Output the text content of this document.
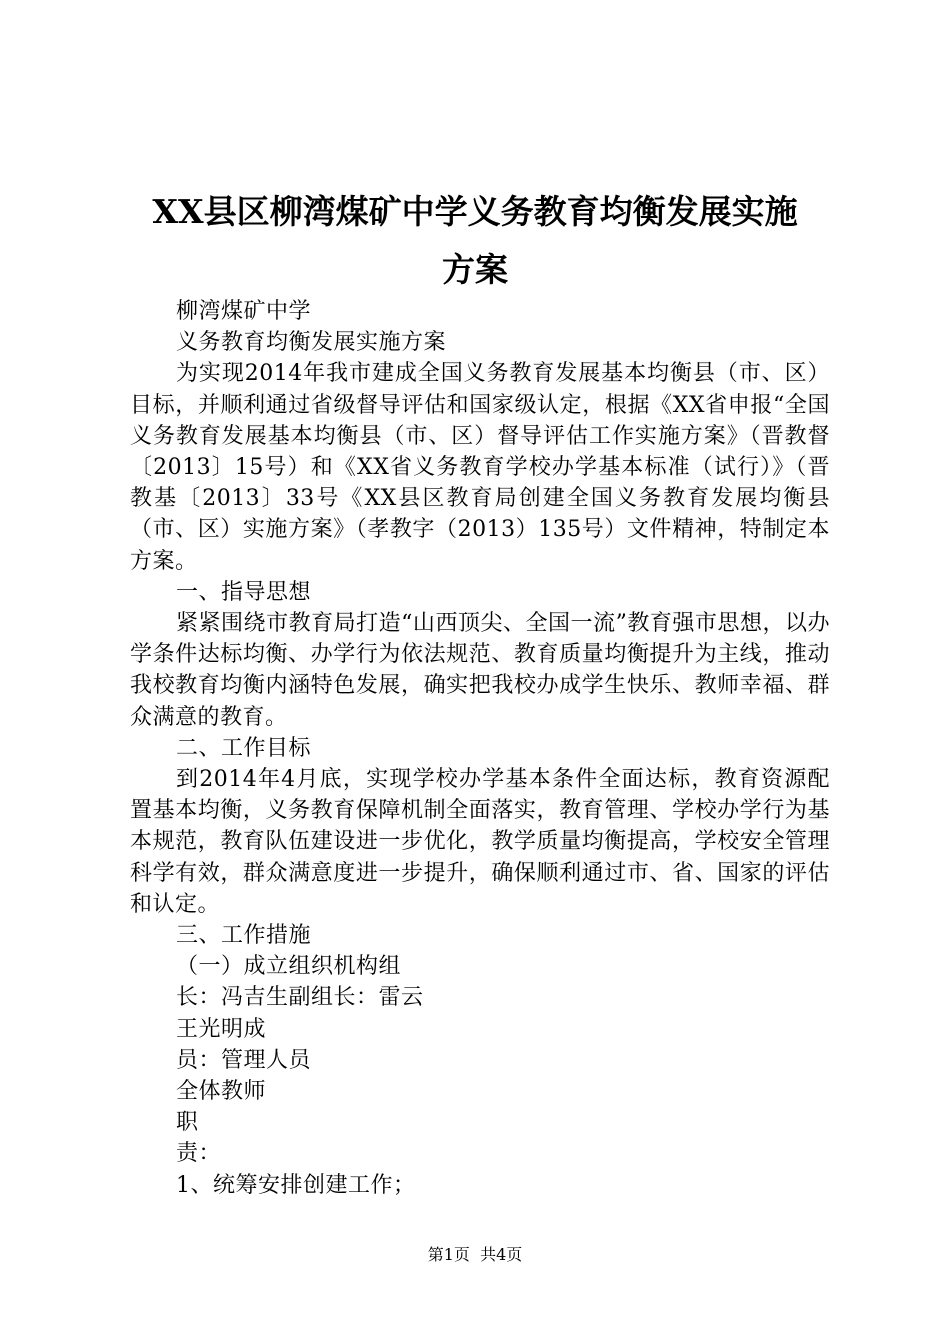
XX县区柳湾煤矿中学义务教育均衡发展实施
方案

柳湾煤矿中学

义务教育均衡发展实施方案

为实现2014年我市建成全国义务教育发展基本均衡县（市、区）目标，并顺利通过省级督导评估和国家级认定，根据《XX省申报“全国义务教育发展基本均衡县（市、区）督导评估工作实施方案》（晋教督〔2013〕15号）和《XX省义务教育学校办学基本标准（试行）》（晋教基〔2013〕33号《XX县区教育局创建全国义务教育发展均衡县（市、区）实施方案》（孝教字（2013）135号）文件精神，特制定本方案。

一、指导思想

紧紧围绕市教育局打造“山西顶尖、全国一流”教育强市思想，以办学条件达标均衡、办学行为依法规范、教育质量均衡提升为主线，推动我校教育均衡内涵特色发展，确实把我校办成学生快乐、教师幸福、群众满意的教育。

二、工作目标

到2014年4月底，实现学校办学基本条件全面达标，教育资源配置基本均衡，义务教育保障机制全面落实，教育管理、学校办学行为基本规范，教育队伍建设进一步优化，教学质量均衡提高，学校安全管理科学有效，群众满意度进一步提升，确保顺利通过市、省、国家的评估和认定。

三、工作措施

（一）成立组织机构组

长：冯吉生副组长：雷云

王光明成

员：管理人员

全体教师

职

责：

1、统筹安排创建工作；

第1页  共4页
